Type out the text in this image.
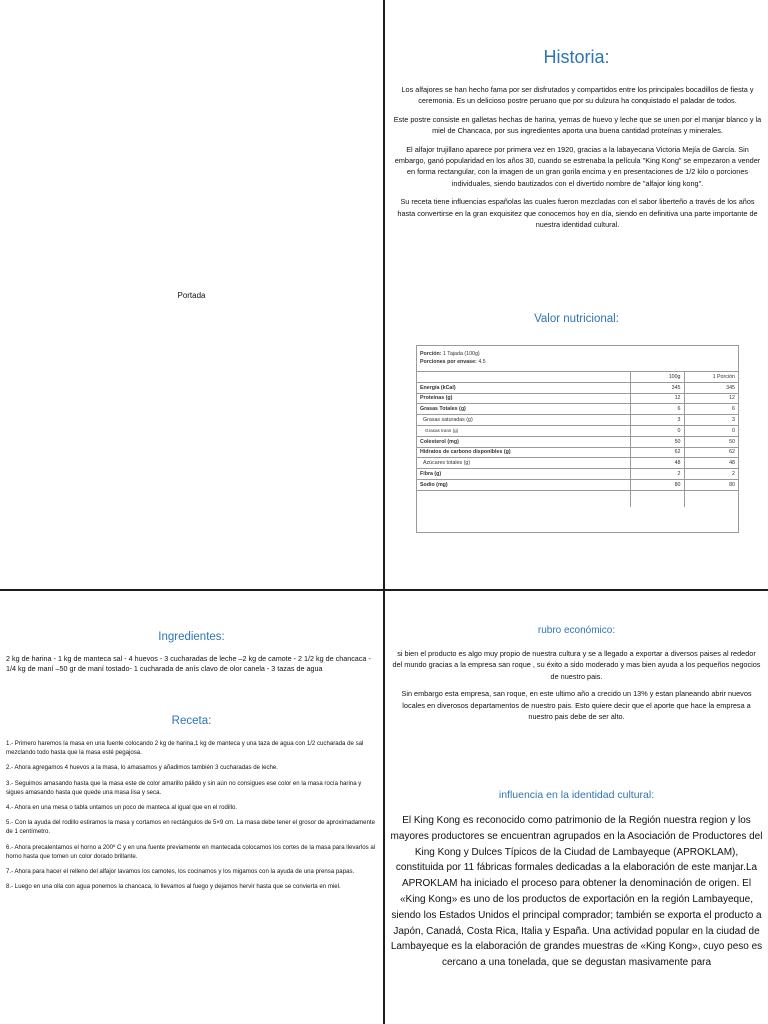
Portada
Historia:

Los alfajores se han hecho fama por ser disfrutados y compartidos entre los principales bocadillos de fiesta y ceremonia. Es un delicioso postre peruano que por su dulzura ha conquistado el paladar de todos.

Este postre consiste en galletas hechas de harina, yemas de huevo y leche que se unen por el manjar blanco y la miel de Chancaca, por sus ingredientes aporta una buena cantidad proteínas y minerales.

El alfajor trujillano aparece por primera vez en 1920, gracias a la labayecana Victoria Mejía de García. Sin embargo, ganó popularidad en los años 30, cuando se estrenaba la película "King Kong" se empezaron a vender en forma rectangular, con la imagen de un gran gorila encima y en presentaciones de 1/2 kilo o porciones individuales, siendo bautizados con el divertido nombre de "alfajor king kong".

Su receta tiene influencias españolas las cuales fueron mezcladas con el sabor liberteño a través de los años hasta convertirse en la gran exquisitez que conocemos hoy en día, siendo en definitiva una parte importante de nuestra identidad cultural.

Valor nutricional:
Porción: 1 Tajada (100g)
Porciones por envase: 4.5
	100g	1 Porción
Energía (kCal)	345	345
Proteínas (g)	12	12
Grasas Totales (g)	6	6
Grasas saturadas (g)	3	3
Grasas trans (g)	0	0
Colesterol (mg)	50	50
Hidratos de carbono disponibles (g)	62	62
Azúcares totales (g)	48	48
Fibra (g)	2	2
Sodio (mg)	80	80

Ingredientes:
2 kg de harina - 1 kg de manteca sal - 4 huevos - 3 cucharadas de leche –2 kg de camote - 2 1/2 kg de chancaca - 1/4 kg de maní –50 gr de maní tostado- 1 cucharada de anís clavo de olor canela - 3 tazas de agua
Receta:

1.- Primero haremos la masa en una fuente colocando 2 kg de harina,1 kg de manteca y una taza de agua con 1/2 cucharada de sal mezclando todo hasta que la masa esté pegajosa.

2.- Ahora agregamos 4 huevos a la masa, lo amasamos y añadimos también 3 cucharadas de leche.

3.- Seguimos amasando hasta que la masa este de color amarillo pálido y sin aún no consigues ese color en la masa rocía harina y sigues amasando hasta que quede una masa lisa y seca.

4.- Ahora en una mesa o tabla untamos un poco de manteca al igual que en el rodillo.

5.- Con la ayuda del rodillo estiramos la masa y cortamos en rectángulos de 5×9 cm. La masa debe tener el grosor de aproximadamente de 1 centímetro.

6.- Ahora precalentamos el horno a 200º C y en una fuente previamente en mantecada colocamos los cortes de la masa para llevarlos al horno hasta que tomen un color dorado brillante.

7.- Ahora para hacer el relleno del alfajor lavamos los camotes, los cocinamos y los migamos con la ayuda de una prensa papas.

8.- Luego en una olla con agua ponemos la chancaca, lo llevamos al fuego y dejamos hervir hasta que se convierta en miel.

rubro económico:

si bien el producto es algo muy propio de nuestra cultura y se a llegado a exportar a diversos paises al rededor del mundo gracias a la empresa san roque , su éxito a sido moderado y mas bien ayuda a los pequeños negocios de nuestro pais.

Sin embargo esta empresa, san roque, en este ultimo año a crecido un 13% y estan planeando abrir nuevos locales en diverosos departamentos de nuestro pais. Esto quiere decir que el aporte que hace la empresa a nuestro pais debe de ser alto.

influencia en la identidad cultural:
El King Kong es reconocido como patrimonio de la Región nuestra region y los mayores productores se encuentran agrupados en la Asociación de Productores del King Kong y Dulces Típicos de la Ciudad de Lambayeque (APROKLAM), constituida por 11 fábricas formales dedicadas a la elaboración de este manjar.La APROKLAM ha iniciado el proceso para obtener la denominación de origen. El «King Kong» es uno de los productos de exportación en la región Lambayeque, siendo los Estados Unidos el principal comprador; también se exporta el producto a Japón, Canadá, Costa Rica, Italia y España. Una actividad popular en la ciudad de Lambayeque es la elaboración de grandes muestras de «King Kong», cuyo peso es cercano a una tonelada, que se degustan masivamente para
